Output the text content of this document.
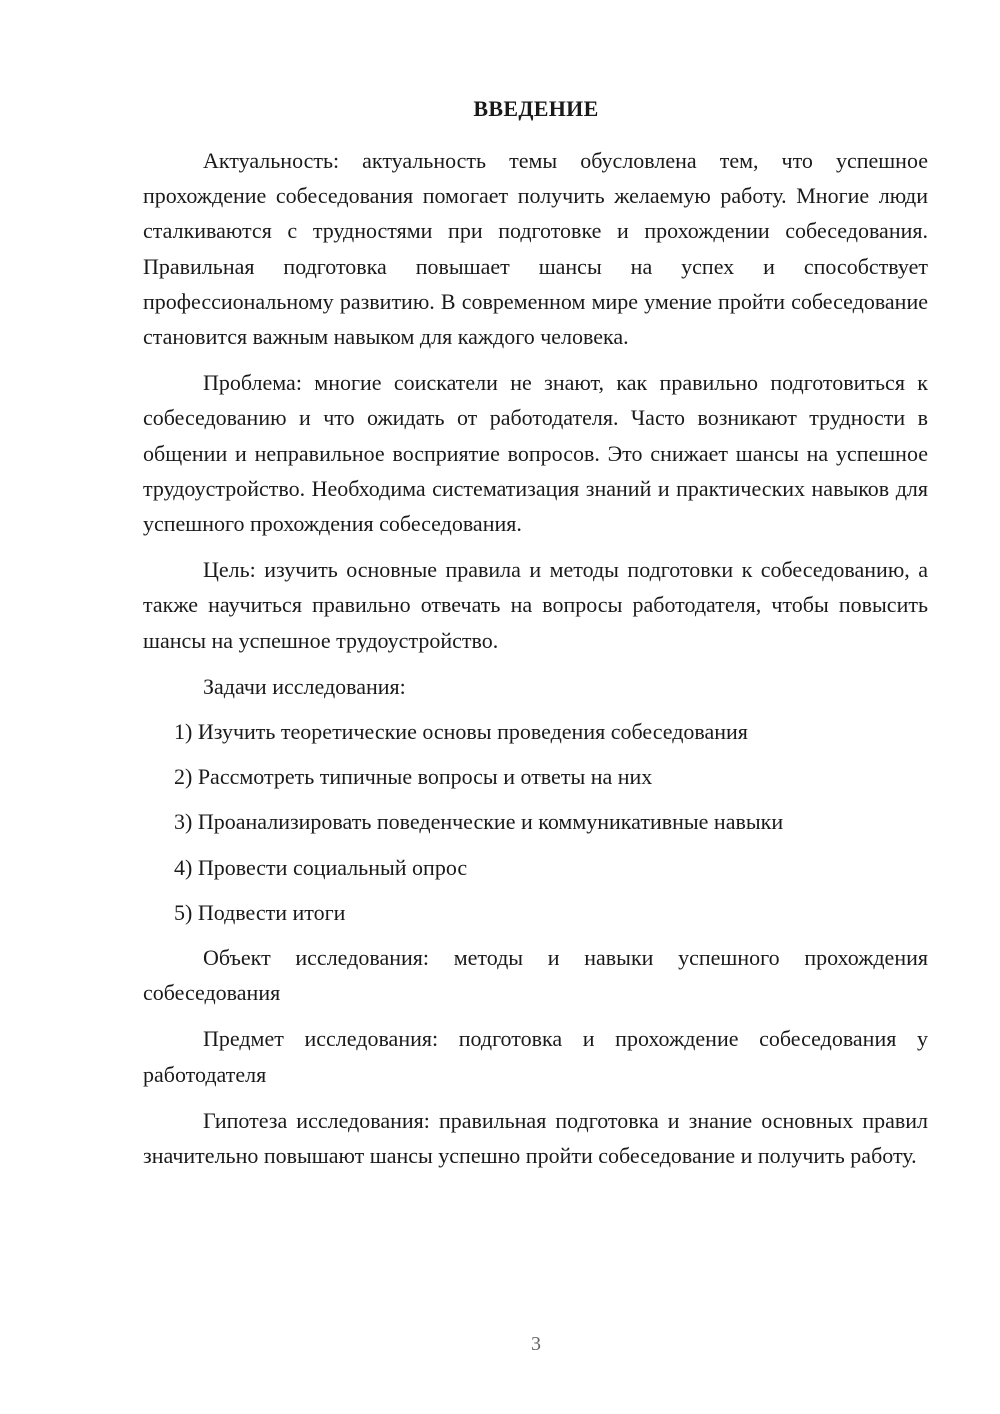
ВВЕДЕНИЕ

Актуальность: актуальность темы обусловлена тем, что успешное прохождение собеседования помогает получить желаемую работу. Многие люди сталкиваются с трудностями при подготовке и прохождении собеседования. Правильная подготовка повышает шансы на успех и способствует профессиональному развитию. В современном мире умение пройти собеседование становится важным навыком для каждого человека.

Проблема: многие соискатели не знают, как правильно подготовиться к собеседованию и что ожидать от работодателя. Часто возникают трудности в общении и неправильное восприятие вопросов. Это снижает шансы на успешное трудоустройство. Необходима систематизация знаний и практических навыков для успешного прохождения собеседования.

Цель: изучить основные правила и методы подготовки к собеседованию, а также научиться правильно отвечать на вопросы работодателя, чтобы повысить шансы на успешное трудоустройство.

Задачи исследования:

1) Изучить теоретические основы проведения собеседования
2) Рассмотреть типичные вопросы и ответы на них
3) Проанализировать поведенческие и коммуникативные навыки
4) Провести социальный опрос
5) Подвести итоги

Объект исследования: методы и навыки успешного прохождения собеседования

Предмет исследования: подготовка и прохождение собеседования у работодателя

Гипотеза исследования: правильная подготовка и знание основных правил значительно повышают шансы успешно пройти собеседование и получить работу.

3
